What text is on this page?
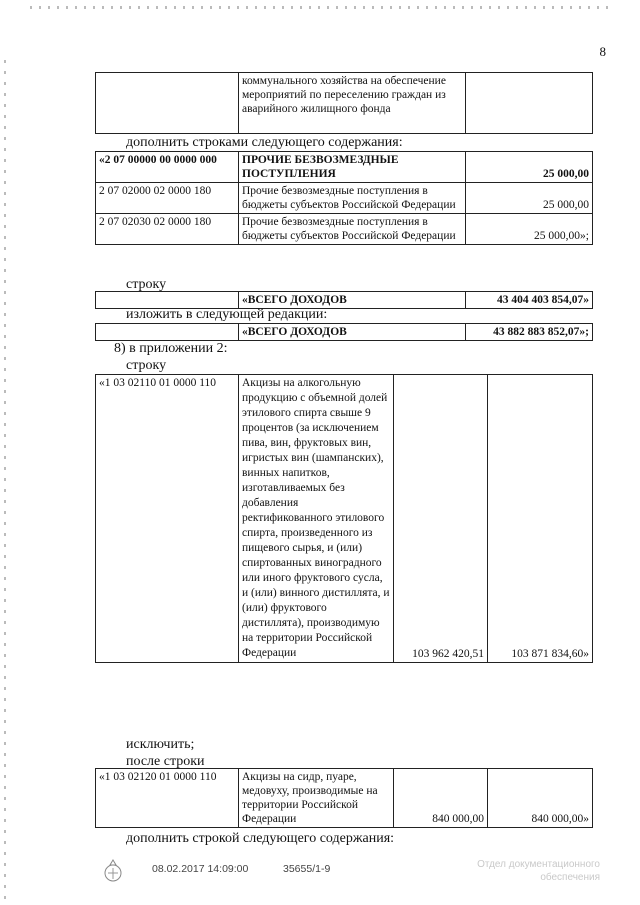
8
	коммунального хозяйства на обеспечение мероприятий по переселению граждан из аварийного жилищного фонда	
дополнить строками следующего содержания:
«2 07 00000 00 0000 000	ПРОЧИЕ БЕЗВОЗМЕЗДНЫЕ ПОСТУПЛЕНИЯ	25 000,00
2 07 02000 02 0000 180	Прочие безвозмездные поступления в бюджеты субъектов Российской Федерации	25 000,00
2 07 02030 02 0000 180	Прочие безвозмездные поступления в бюджеты субъектов Российской Федерации	25 000,00»;
строку
	«ВСЕГО ДОХОДОВ	43 404 403 854,07»
изложить в следующей редакции:
	«ВСЕГО ДОХОДОВ	43 882 883 852,07»;
8) в приложении 2:
строку
«1 03 02110 01 0000 110	Акцизы на алкогольную продукцию с объемной долей этилового спирта свыше 9 процентов (за исключением пива, вин, фруктовых вин, игристых вин (шампанских), винных напитков, изготавливаемых без добавления ректификованного этилового спирта, произведенного из пищевого сырья, и (или) спиртованных виноградного или иного фруктового сусла, и (или) винного дистиллята, и (или) фруктового дистиллята), производимую на территории Российской Федерации	103 962 420,51	103 871 834,60»
исключить;
после строки
«1 03 02120 01 0000 110	Акцизы на сидр, пуаре, медовуху, производимые на территории Российской Федерации	840 000,00	840 000,00»
дополнить строкой следующего содержания:
08.02.2017 14:09:00	35655/1-9	Отдел документационного
обеспечения
